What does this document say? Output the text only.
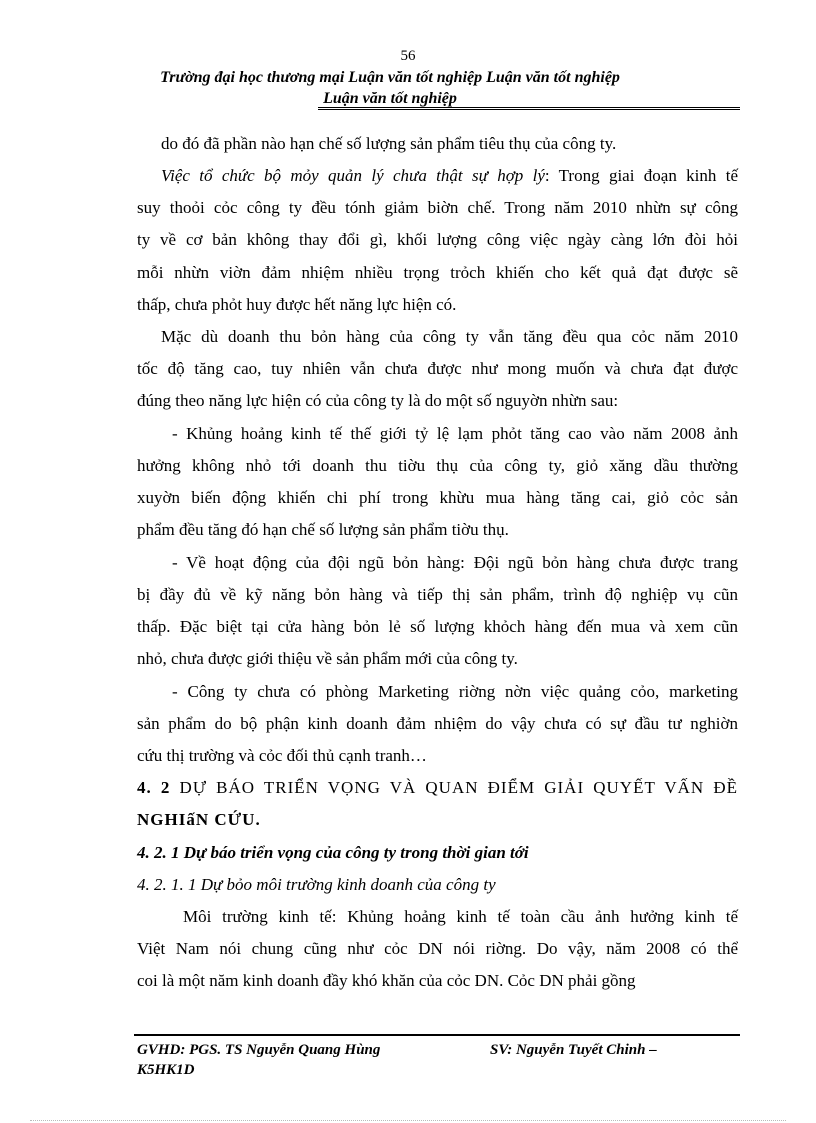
56
Trường đại học thương mại Luận văn tốt nghiệp Luận văn tốt nghiệp
Luận văn tốt nghiệp
do đó đã phần nào hạn chế số lượng sản phẩm tiêu thụ của công ty.
Việc tổ chức bộ mỏy quản lý chưa thật sự hợp lý: Trong giai đoạn kinh tế
suy thoỏi cỏc công ty đều tónh giảm biờn chế. Trong năm 2010 nhừn sự công
ty về cơ bản không thay đổi gì, khối lượng công việc ngày càng lớn đòi hỏi
mỗi nhừn viờn đảm nhiệm nhiều trọng trỏch khiến cho kết quả đạt được sẽ
thấp, chưa phỏt huy được hết năng lực hiện có.
Mặc dù doanh thu bỏn hàng của công ty vẫn tăng đều qua cỏc năm 2010
tốc độ tăng cao, tuy nhiên vẫn chưa được như mong muốn và chưa đạt được
đúng theo năng lực hiện có của công ty là do một số nguyờn nhừn sau:
- Khủng hoảng kinh tế thế giới tỷ lệ lạm phỏt tăng cao vào năm 2008 ảnh
hưởng không nhỏ tới doanh thu tiờu thụ của công ty, giỏ xăng dầu thường
xuyờn biến động khiến chi phí trong khừu mua hàng tăng cai, giỏ cỏc sản
phẩm đều tăng đó hạn chế số lượng sản phẩm tiờu thụ.
- Về hoạt động của đội ngũ bỏn hàng: Đội ngũ bỏn hàng chưa được trang
bị đầy đủ về kỹ năng bỏn hàng và tiếp thị sản phẩm, trình độ nghiệp vụ cũn
thấp. Đặc biệt tại cửa hàng bỏn lẻ số lượng khỏch hàng đến mua và xem cũn
nhỏ, chưa được giới thiệu về sản phẩm mới của công ty.
- Công ty chưa có phòng Marketing riờng nờn việc quảng cỏo, marketing
sản phẩm do bộ phận kinh doanh đảm nhiệm do vậy chưa có sự đầu tư nghiờn
cứu thị trường và cỏc đối thủ cạnh tranh…
4. 2 DỰ BÁO TRIỂN VỌNG VÀ QUAN ĐIỂM GIẢI QUYẾT VẤN ĐỀ
NGHIấN CỨU.
4. 2. 1 Dự báo triển vọng của công ty trong thời gian tới
4. 2. 1. 1 Dự bỏo môi trường kinh doanh của công ty
Môi trường kinh tế: Khủng hoảng kinh tế toàn cầu ảnh hưởng kinh tế
Việt Nam nói chung cũng như cỏc DN nói riờng. Do vậy, năm 2008 có thể
coi là một năm kinh doanh đầy khó khăn của cỏc DN. Cỏc DN phải gồng
GVHD: PGS. TS Nguyễn Quang Hùng	SV: Nguyễn Tuyết Chinh –
K5HK1D
